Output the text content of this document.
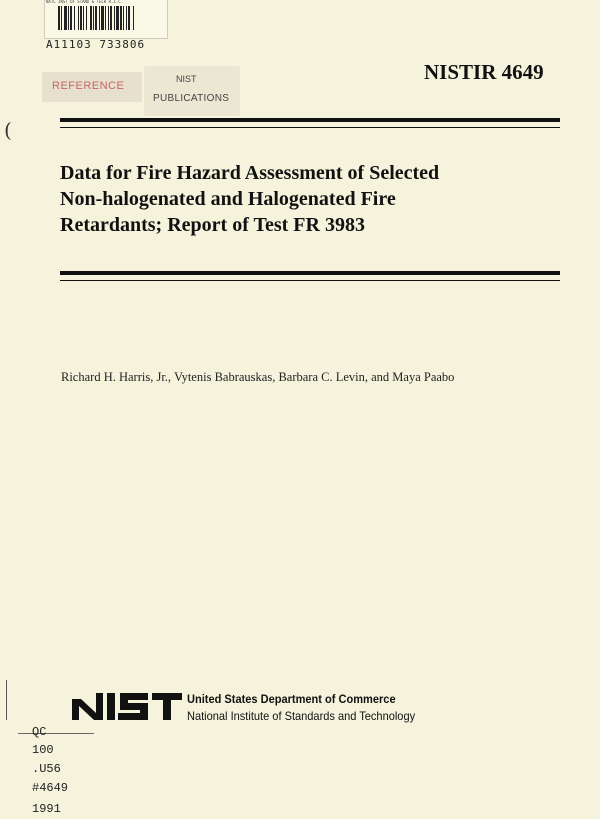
NATL INST OF STAND & TECH R.I.C.
A11103 733806
REFERENCE
NIST
PUBLICATIONS
NISTIR 4649
Data for Fire Hazard Assessment of Selected
Non-halogenated and Halogenated Fire
Retardants; Report of Test FR 3983
Richard H. Harris, Jr., Vytenis Babrauskas, Barbara C. Levin, and Maya Paabo
United States Department of Commerce
National Institute of Standards and Technology
QC
100
.U56
#4649
1991
(
